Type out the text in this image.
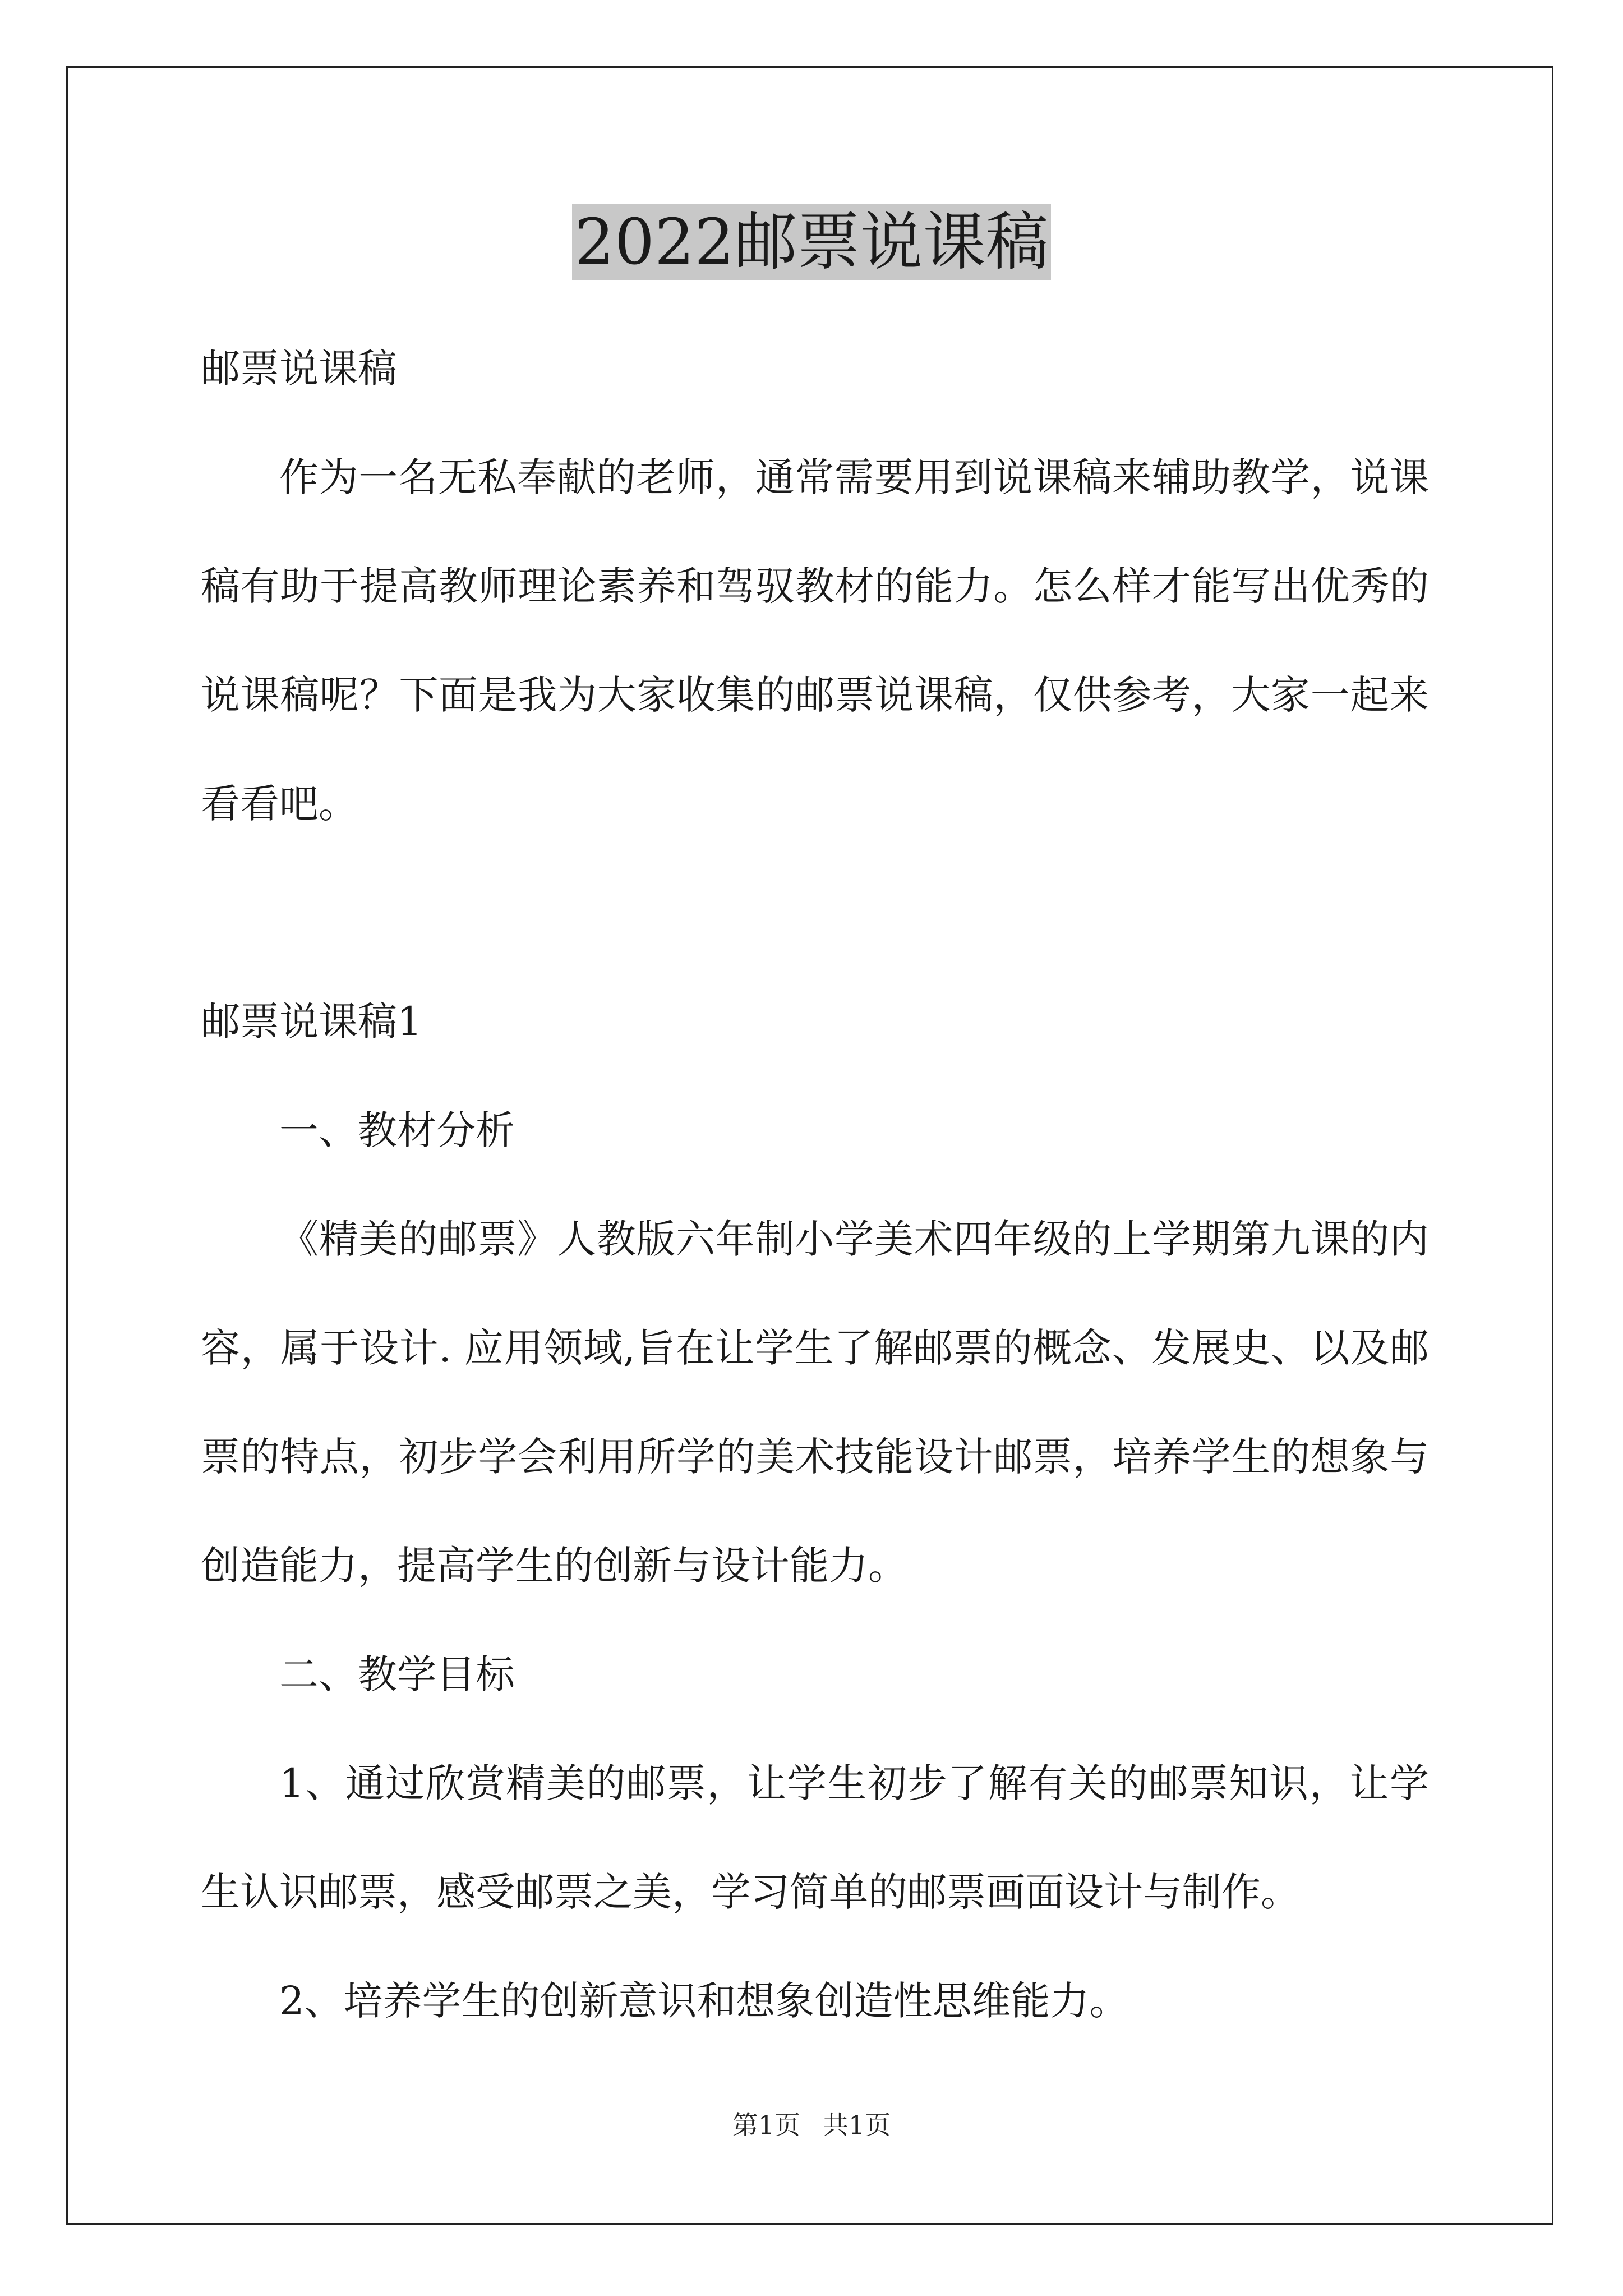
2022邮票说课稿

邮票说课稿

作为一名无私奉献的老师，通常需要用到说课稿来辅助教学，说课稿有助于提高教师理论素养和驾驭教材的能力。怎么样才能写出优秀的说课稿呢？下面是我为大家收集的邮票说课稿，仅供参考，大家一起来看看吧。

邮票说课稿1

一、教材分析

《精美的邮票》人教版六年制小学美术四年级的上学期第九课的内容，属于设计. 应用领域,旨在让学生了解邮票的概念、发展史、以及邮票的特点，初步学会利用所学的美术技能设计邮票，培养学生的想象与创造能力，提高学生的创新与设计能力。

二、教学目标

1、通过欣赏精美的邮票，让学生初步了解有关的邮票知识，让学生认识邮票，感受邮票之美，学习简单的邮票画面设计与制作。

2、培养学生的创新意识和想象创造性思维能力。

第1页 共1页
